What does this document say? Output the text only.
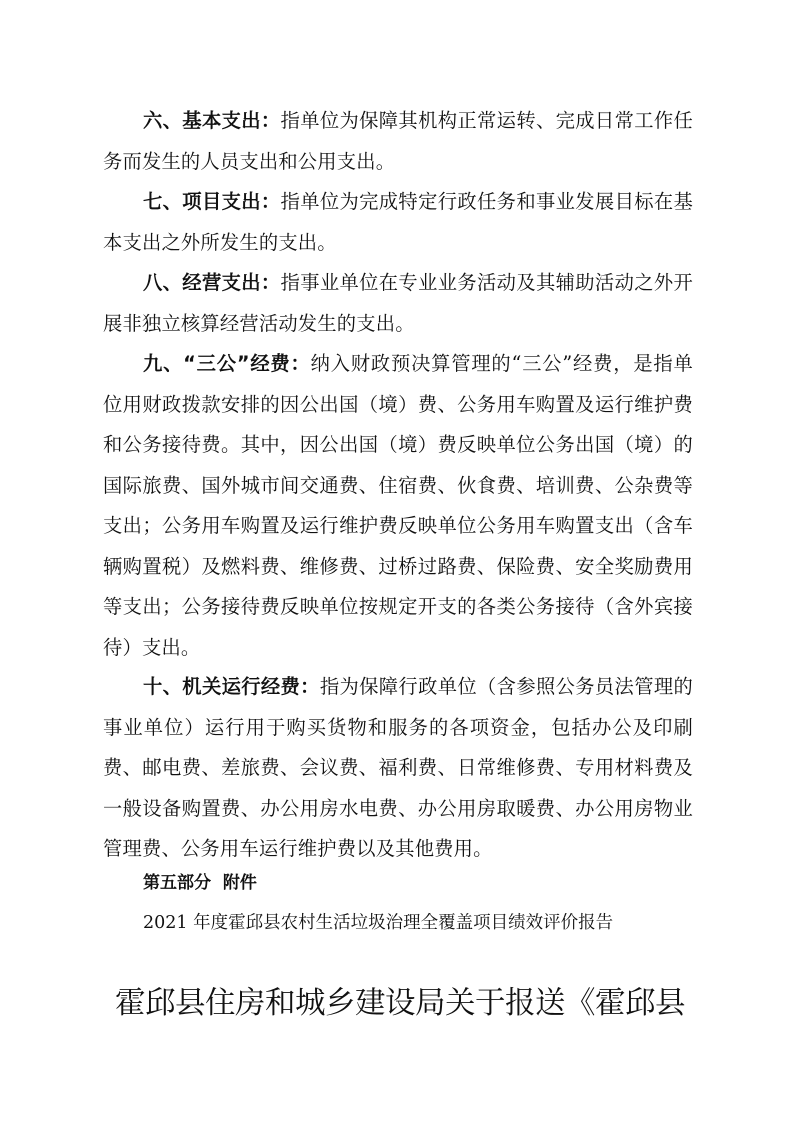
六、基本支出：指单位为保障其机构正常运转、完成日常工作任务而发生的人员支出和公用支出。

七、项目支出：指单位为完成特定行政任务和事业发展目标在基本支出之外所发生的支出。

八、经营支出：指事业单位在专业业务活动及其辅助活动之外开展非独立核算经营活动发生的支出。

九、“三公”经费：纳入财政预决算管理的“三公”经费，是指单位用财政拨款安排的因公出国（境）费、公务用车购置及运行维护费和公务接待费。其中，因公出国（境）费反映单位公务出国（境）的国际旅费、国外城市间交通费、住宿费、伙食费、培训费、公杂费等支出；公务用车购置及运行维护费反映单位公务用车购置支出（含车辆购置税）及燃料费、维修费、过桥过路费、保险费、安全奖励费用等支出；公务接待费反映单位按规定开支的各类公务接待（含外宾接待）支出。

十、机关运行经费：指为保障行政单位（含参照公务员法管理的事业单位）运行用于购买货物和服务的各项资金，包括办公及印刷费、邮电费、差旅费、会议费、福利费、日常维修费、专用材料费及一般设备购置费、办公用房水电费、办公用房取暖费、办公用房物业管理费、公务用车运行维护费以及其他费用。

第五部分  附件

2021 年度霍邱县农村生活垃圾治理全覆盖项目绩效评价报告

霍邱县住房和城乡建设局关于报送《霍邱县
